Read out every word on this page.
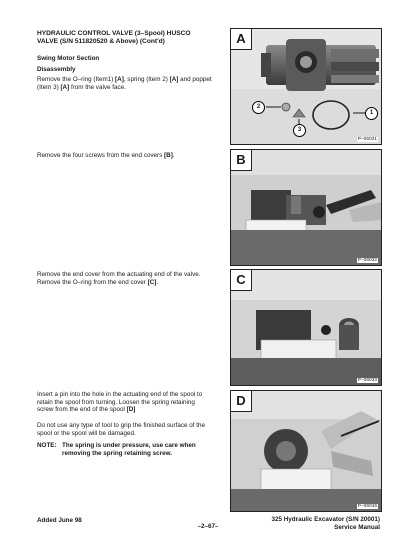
HYDRAULIC CONTROL VALVE (3–Spool) HUSCO VALVE (S/N 511820520 & Above) (Cont'd)
Swing Motor Section
Disassembly
Remove the O–ring (Item1) [A], spring (Item 2) [A] and poppet (Item 3) [A] from the valve face.
Remove the four screws from the end covers [B].
Remove the end cover from the actuating end of the valve. Remove the O–ring from the end cover [C].
Insert a pin into the hole in the actuating end of the spool to retain the spool from turning. Loosen the spring retaining screw from the end of the spool [D]
Do not use any type of tool to grip the finished surface of the spool or the spool will be damaged.
NOTE: The spring is under pressure, use care when removing the spring retaining screw.
A
2
1
3
P–06031
B
P–06032
C
P–06033
D
P–06046
Added June 98
–2–67–
325 Hydraulic Excavator (S/N 20001)
Service Manual
